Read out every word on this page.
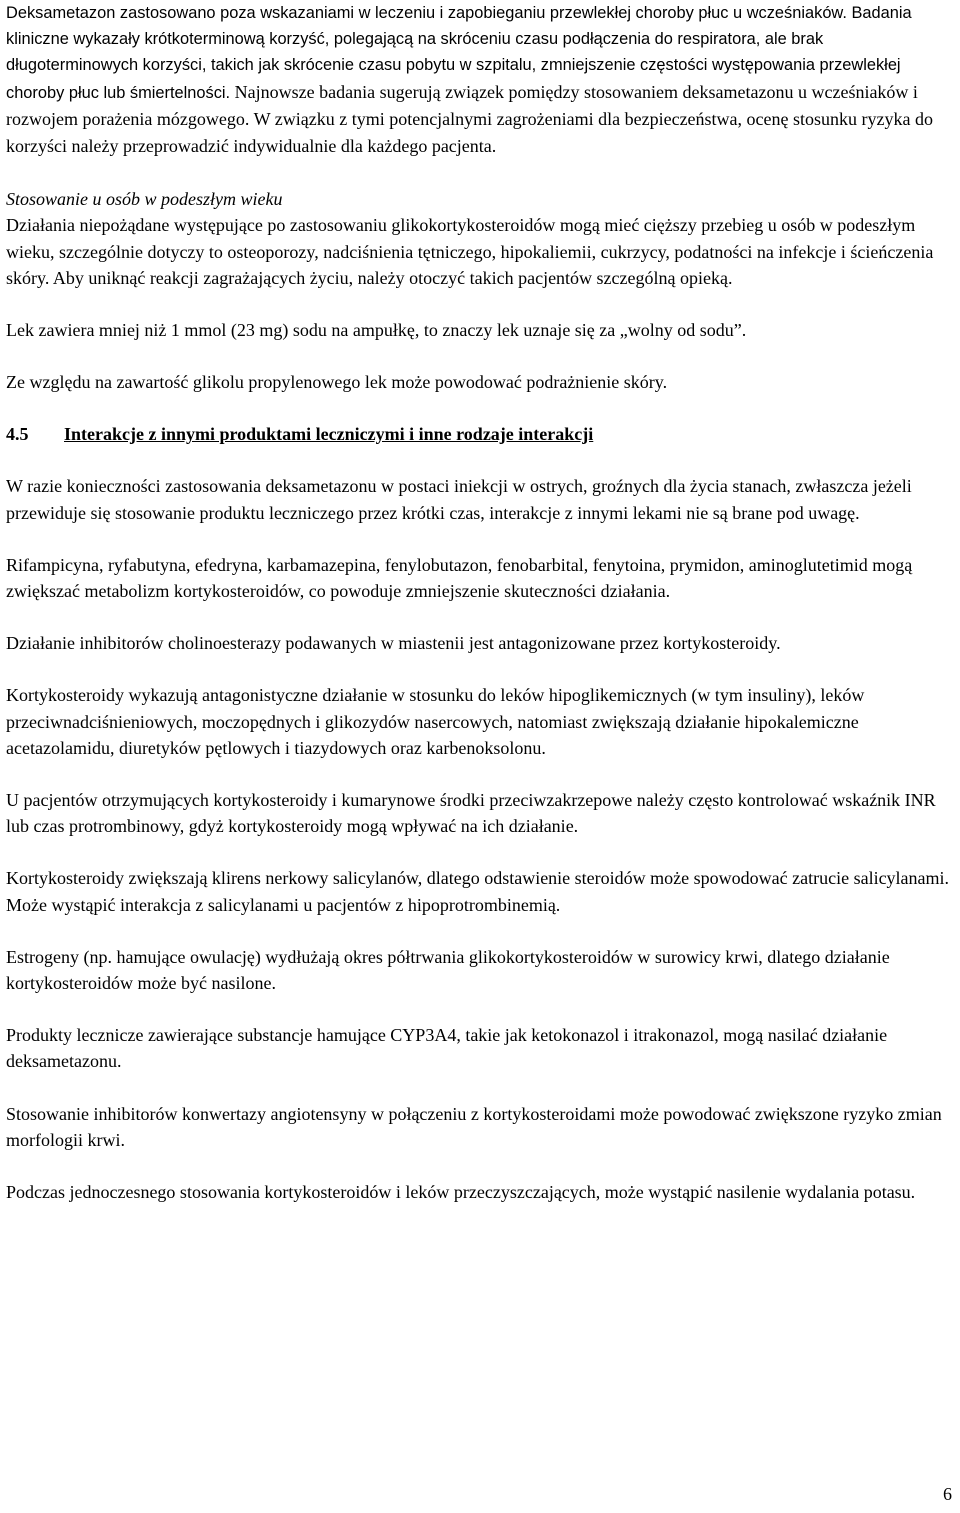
Deksametazon zastosowano poza wskazaniami w leczeniu i zapobieganiu przewlekłej choroby płuc u wcześniaków. Badania kliniczne wykazały krótkoterminową korzyść, polegającą na skróceniu czasu podłączenia do respiratora, ale brak długoterminowych korzyści, takich jak skrócenie czasu pobytu w szpitalu, zmniejszenie częstości występowania przewlekłej choroby płuc lub śmiertelności. Najnowsze badania sugerują związek pomiędzy stosowaniem deksametazonu u wcześniaków i rozwojem porażenia mózgowego. W związku z tymi potencjalnymi zagrożeniami dla bezpieczeństwa, ocenę stosunku ryzyka do korzyści należy przeprowadzić indywidualnie dla każdego pacjenta.

Stosowanie u osób w podeszłym wieku

Działania niepożądane występujące po zastosowaniu glikokortykosteroidów mogą mieć cięższy przebieg u osób w podeszłym wieku, szczególnie dotyczy to osteoporozy, nadciśnienia tętniczego, hipokaliemii, cukrzycy, podatności na infekcje i ścieńczenia skóry. Aby uniknąć reakcji zagrażających życiu, należy otoczyć takich pacjentów szczególną opieką.

Lek zawiera mniej niż 1 mmol (23 mg) sodu na ampułkę, to znaczy lek uznaje się za „wolny od sodu”.

Ze względu na zawartość glikolu propylenowego lek może powodować podrażnienie skóry.

4.5	Interakcje z innymi produktami leczniczymi i inne rodzaje interakcji

W razie konieczności zastosowania deksametazonu w postaci iniekcji w ostrych, groźnych dla życia stanach, zwłaszcza jeżeli przewiduje się stosowanie produktu leczniczego przez krótki czas, interakcje z innymi lekami nie są brane pod uwagę.

Rifampicyna, ryfabutyna, efedryna, karbamazepina, fenylobutazon, fenobarbital, fenytoina, prymidon, aminoglutetimid mogą zwiększać metabolizm kortykosteroidów, co powoduje zmniejszenie skuteczności działania.

Działanie inhibitorów cholinoesterazy podawanych w miastenii jest antagonizowane przez kortykosteroidy.

Kortykosteroidy wykazują antagonistyczne działanie w stosunku do leków hipoglikemicznych (w tym insuliny), leków przeciwnadciśnieniowych, moczopędnych i glikozydów nasercowych, natomiast zwiększają działanie hipokalemiczne acetazolamidu, diuretyków pętlowych i tiazydowych oraz karbenoksolonu.

U pacjentów otrzymujących kortykosteroidy i kumarynowe środki przeciwzakrzepowe należy często kontrolować wskaźnik INR lub czas protrombinowy, gdyż kortykosteroidy mogą wpływać na ich działanie.

Kortykosteroidy zwiększają klirens nerkowy salicylanów, dlatego odstawienie steroidów może spowodować zatrucie salicylanami. Może wystąpić interakcja z salicylanami u pacjentów z hipoprotrombinemią.

Estrogeny (np. hamujące owulację) wydłużają okres półtrwania glikokortykosteroidów w surowicy krwi, dlatego działanie kortykosteroidów może być nasilone.

Produkty lecznicze zawierające substancje hamujące CYP3A4, takie jak ketokonazol i itrakonazol, mogą nasilać działanie deksametazonu.

Stosowanie inhibitorów konwertazy angiotensyny w połączeniu z kortykosteroidami może powodować zwiększone ryzyko zmian morfologii krwi.

Podczas jednoczesnego stosowania kortykosteroidów i leków przeczyszczających, może wystąpić nasilenie wydalania potasu.

6
